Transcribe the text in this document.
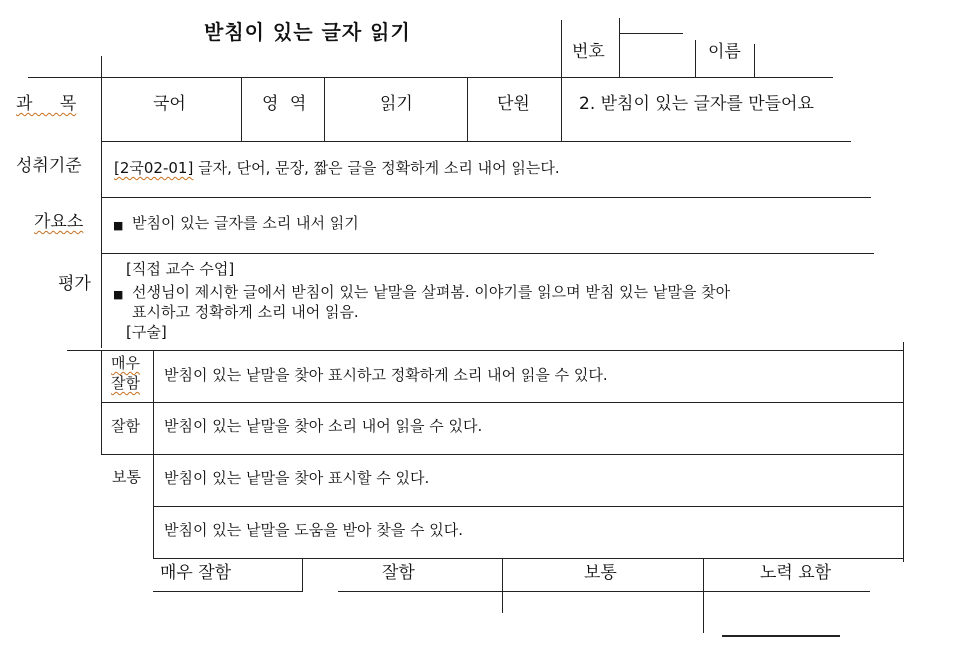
받침이 있는 글자 읽기
번호	이름
과 목	국어	영 역	읽기	단원	2. 받침이 있는 글자를 만들어요
성취기준 [2국02-01] 글자, 단어, 문장, 짧은 글을 정확하게 소리 내어 읽는다.
가요소	■ 받침이 있는 글자를 소리 내서 읽기
평가
[직접 교수 수업]
■ 선생님이 제시한 글에서 받침이 있는 낱말을 살펴봄. 이야기를 읽으며 받침 있는 낱말을 찾아
표시하고 정확하게 소리 내어 읽음.
[구술]
매우
잘함 받침이 있는 낱말을 찾아 표시하고 정확하게 소리 내어 읽을 수 있다.
잘함 받침이 있는 낱말을 찾아 소리 내어 읽을 수 있다.
보통 받침이 있는 낱말을 찾아 표시할 수 있다.
받침이 있는 낱말을 도움을 받아 찾을 수 있다.
매우 잘함	잘함	보통	노력 요함
